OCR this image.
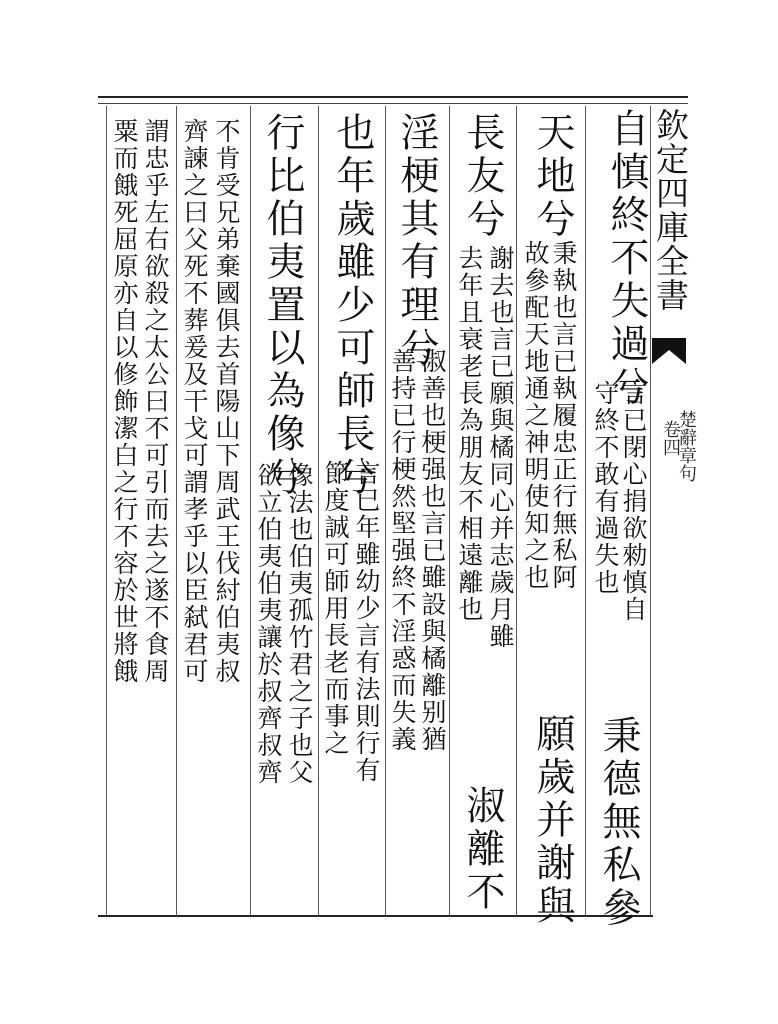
欽定四庫全書
卷四
楚辭章句
自慎終不失過兮
言已閉心捐欲勑慎自
守終不敢有過失也
秉德無私參
天地兮
秉執也言已執履忠正行無私阿
故參配天地通之神明使知之也
願歲并謝與
長友兮
謝去也言已願與橘同心并志歲月雖
去年且衰老長為朋友不相遠離也
淑離不
淫梗其有理兮
淑善也梗强也言已雖設與橘離别猶
善持已行梗然堅强終不淫惑而失義
也年歲雖少可師長兮
言已年雖幼少言有法則行有
節度誠可師用長老而事之
行比伯夷置以為像兮
像法也伯夷孤竹君之子也父
欲立伯夷伯夷讓於叔齊叔齊
不肯受兄弟棄國俱去首陽山下周武王伐紂伯夷叔
齊諫之曰父死不葬爰及干戈可謂孝乎以臣弑君可
謂忠乎左右欲殺之太公曰不可引而去之遂不食周
粟而餓死屈原亦自以修飾潔白之行不容於世將餓
